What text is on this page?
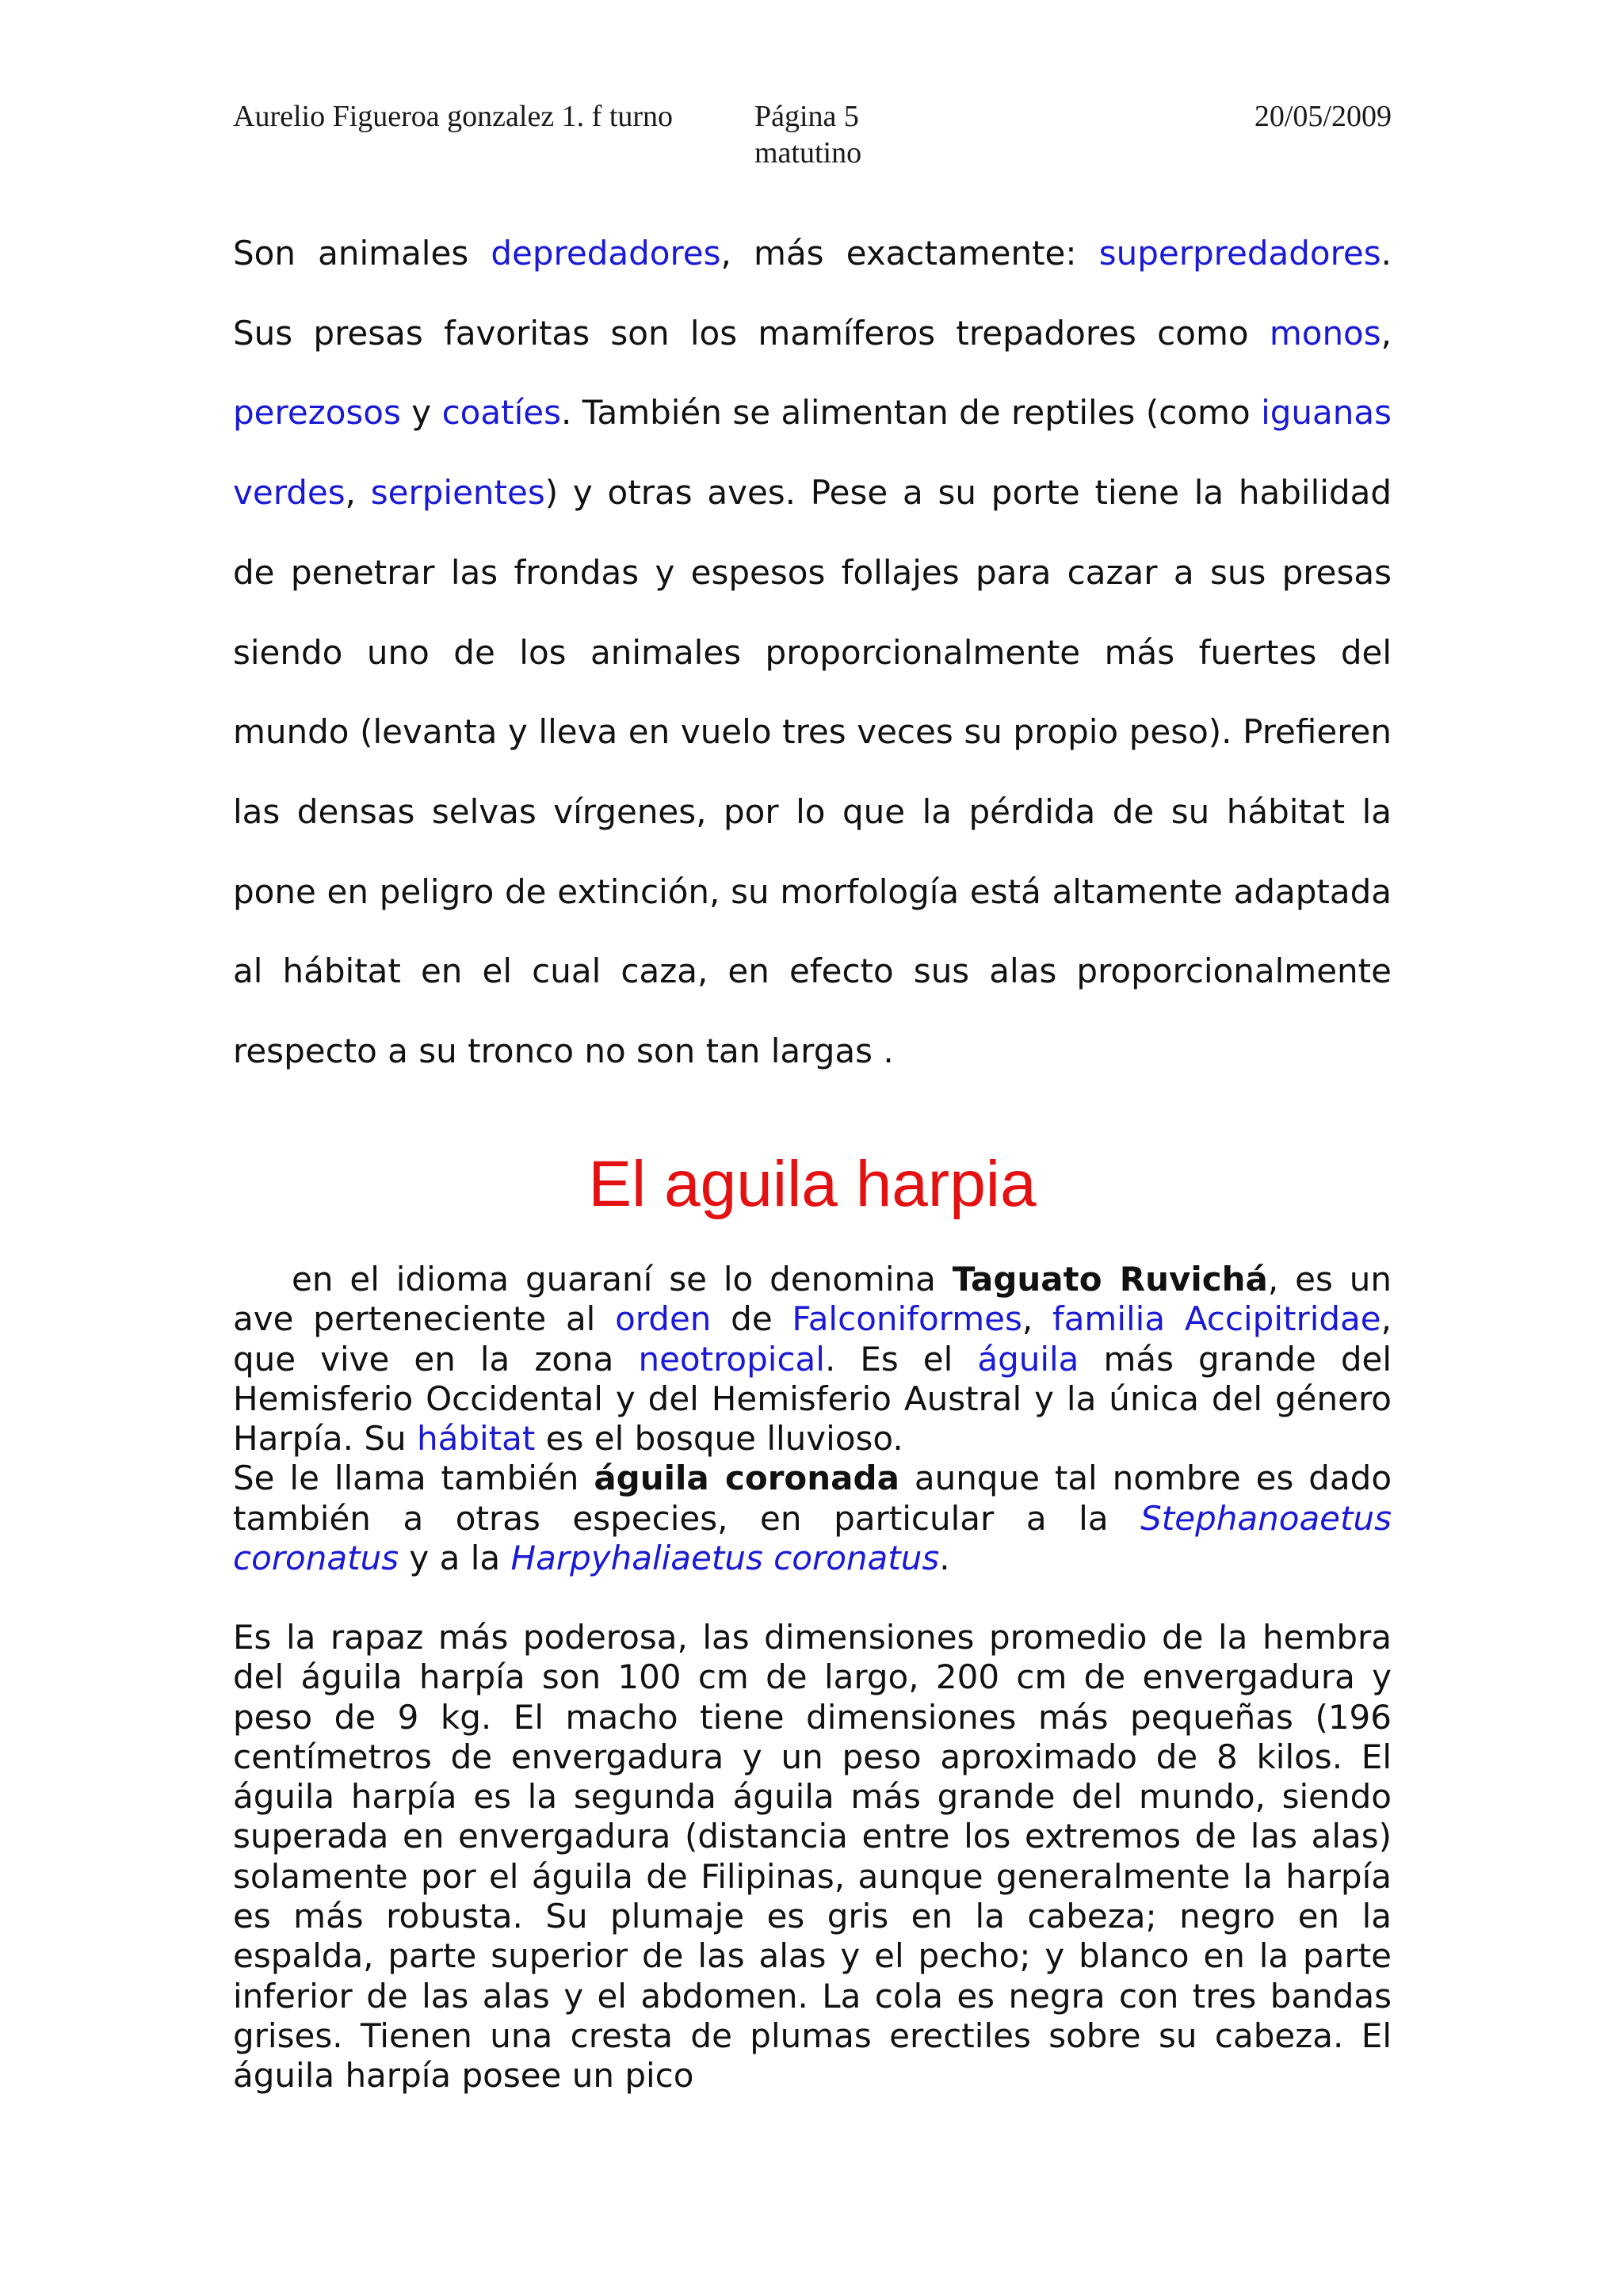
Aurelio Figueroa gonzalez 1. f turno	Página 5
matutino
20/05/2009

Son animales depredadores, más exactamente: superpredadores. Sus presas favoritas son los mamíferos trepadores como monos, perezosos y coatíes. También se alimentan de reptiles (como iguanas verdes, serpientes) y otras aves. Pese a su porte tiene la habilidad de penetrar las frondas y espesos follajes para cazar a sus presas siendo uno de los animales proporcionalmente más fuertes del mundo (levanta y lleva en vuelo tres veces su propio peso). Prefieren las densas selvas vírgenes, por lo que la pérdida de su hábitat la pone en peligro de extinción, su morfología está altamente adaptada al hábitat en el cual caza, en efecto sus alas proporcionalmente respecto a su tronco no son tan largas .

El aguila harpia

en el idioma guaraní se lo denomina Taguato Ruvichá, es un ave perteneciente al orden de Falconiformes, familia Accipitridae, que vive en la zona neotropical. Es el águila más grande del Hemisferio Occidental y del Hemisferio Austral y la única del género Harpía. Su hábitat es el bosque lluvioso.
Se le llama también águila coronada aunque tal nombre es dado también a otras especies, en particular a la Stephanoaetus coronatus y a la Harpyhaliaetus coronatus.

Es la rapaz más poderosa, las dimensiones promedio de la hembra del águila harpía son 100 cm de largo, 200 cm de envergadura y peso de 9 kg. El macho tiene dimensiones más pequeñas (196 centímetros de envergadura y un peso aproximado de 8 kilos. El águila harpía es la segunda águila más grande del mundo, siendo superada en envergadura (distancia entre los extremos de las alas) solamente por el águila de Filipinas, aunque generalmente la harpía es más robusta. Su plumaje es gris en la cabeza; negro en la espalda, parte superior de las alas y el pecho; y blanco en la parte inferior de las alas y el abdomen. La cola es negra con tres bandas grises. Tienen una cresta de plumas erectiles sobre su cabeza. El águila harpía posee un pico
